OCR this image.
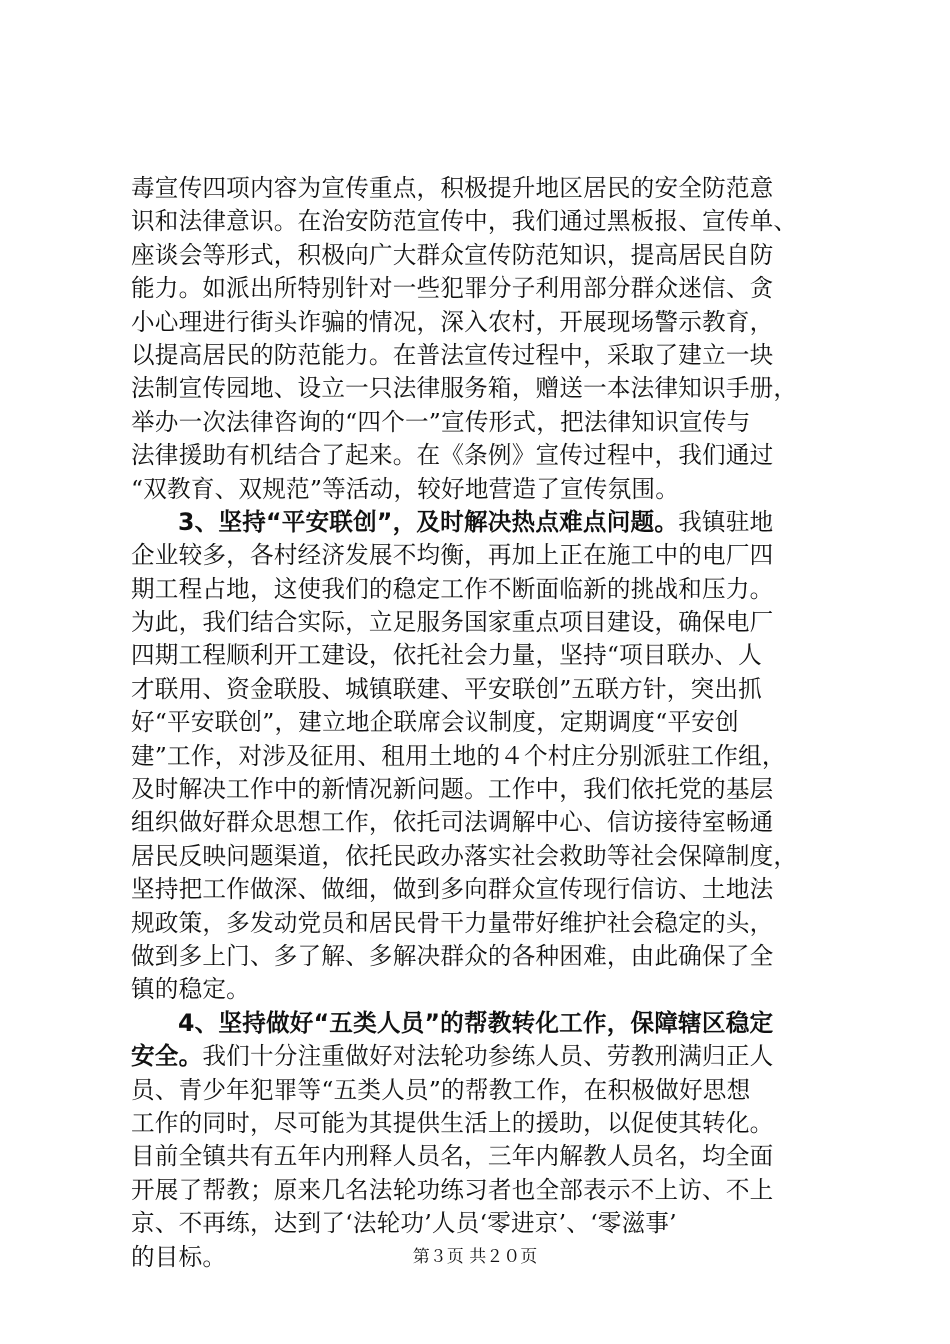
毒宣传四项内容为宣传重点，积极提升地区居民的安全防范意
识和法律意识。在治安防范宣传中，我们通过黑板报、宣传单、
座谈会等形式，积极向广大群众宣传防范知识，提高居民自防
能力。如派出所特别针对一些犯罪分子利用部分群众迷信、贪
小心理进行街头诈骗的情况，深入农村，开展现场警示教育，
以提高居民的防范能力。在普法宣传过程中，采取了建立一块
法制宣传园地、设立一只法律服务箱，赠送一本法律知识手册，
举办一次法律咨询的“四个一”宣传形式，把法律知识宣传与
法律援助有机结合了起来。在《条例》宣传过程中，我们通过
“双教育、双规范”等活动，较好地营造了宣传氛围。
3、坚持“平安联创”，及时解决热点难点问题。我镇驻地
企业较多，各村经济发展不均衡，再加上正在施工中的电厂四
期工程占地，这使我们的稳定工作不断面临新的挑战和压力。
为此，我们结合实际，立足服务国家重点项目建设，确保电厂
四期工程顺利开工建设，依托社会力量，坚持“项目联办、人
才联用、资金联股、城镇联建、平安联创”五联方针，突出抓
好“平安联创”，建立地企联席会议制度，定期调度“平安创
建”工作，对涉及征用、租用土地的４个村庄分别派驻工作组，
及时解决工作中的新情况新问题。工作中，我们依托党的基层
组织做好群众思想工作，依托司法调解中心、信访接待室畅通
居民反映问题渠道，依托民政办落实社会救助等社会保障制度，
坚持把工作做深、做细，做到多向群众宣传现行信访、土地法
规政策，多发动党员和居民骨干力量带好维护社会稳定的头，
做到多上门、多了解、多解决群众的各种困难，由此确保了全
镇的稳定。
4、坚持做好“五类人员”的帮教转化工作，保障辖区稳定
安全。我们十分注重做好对法轮功参练人员、劳教刑满归正人
员、青少年犯罪等“五类人员”的帮教工作，在积极做好思想
工作的同时，尽可能为其提供生活上的援助，以促使其转化。
目前全镇共有五年内刑释人员名，三年内解教人员名，均全面
开展了帮教；原来几名法轮功练习者也全部表示不上访、不上
京、不再练，达到了‘法轮功’人员‘零进京’、‘零滋事’
的目标。	第３页 共２０页
